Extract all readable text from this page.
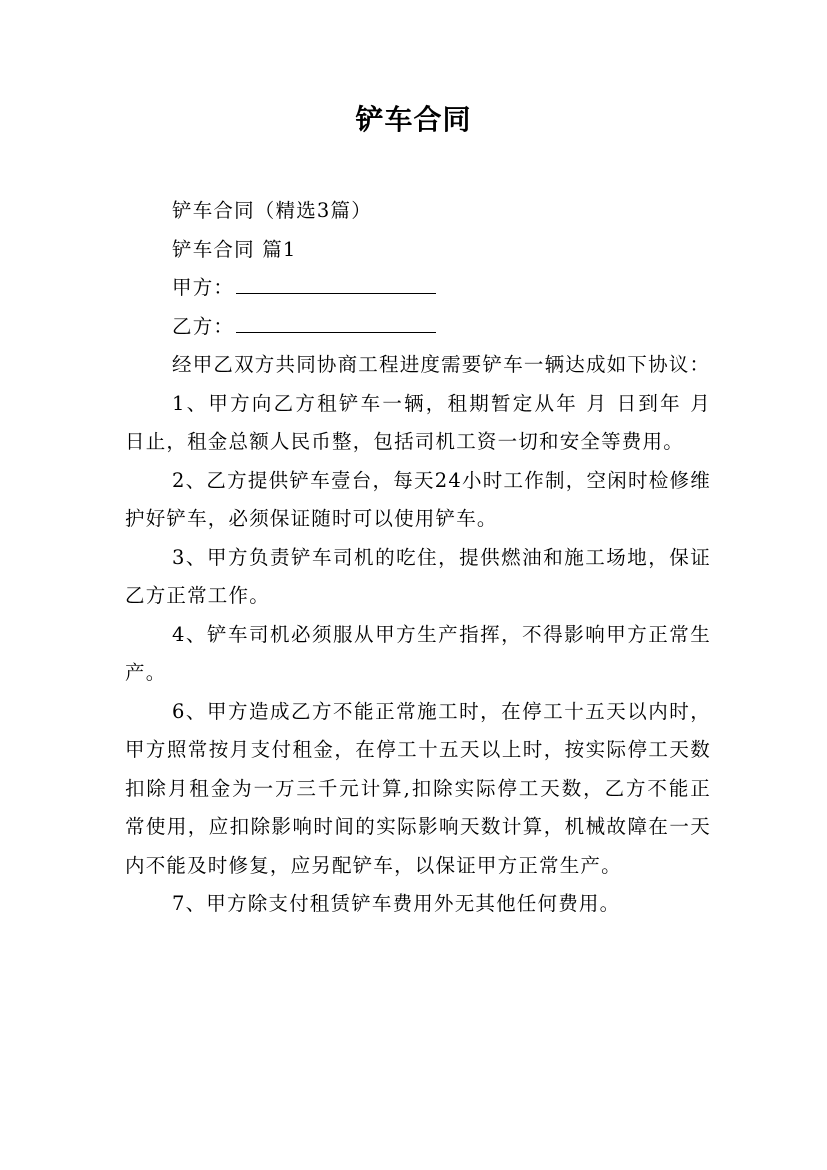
铲车合同

铲车合同（精选3篇）

铲车合同 篇1

甲方：

乙方：

经甲乙双方共同协商工程进度需要铲车一辆达成如下协议：

1、甲方向乙方租铲车一辆，租期暂定从年 月 日到年 月 日止，租金总额人民币整，包括司机工资一切和安全等费用。

2、乙方提供铲车壹台，每天24小时工作制，空闲时检修维护好铲车，必须保证随时可以使用铲车。

3、甲方负责铲车司机的吃住，提供燃油和施工场地，保证乙方正常工作。

4、铲车司机必须服从甲方生产指挥，不得影响甲方正常生产。

6、甲方造成乙方不能正常施工时，在停工十五天以内时，甲方照常按月支付租金，在停工十五天以上时，按实际停工天数扣除月租金为一万三千元计算,扣除实际停工天数，乙方不能正常使用，应扣除影响时间的实际影响天数计算，机械故障在一天内不能及时修复，应另配铲车，以保证甲方正常生产。

7、甲方除支付租赁铲车费用外无其他任何费用。
